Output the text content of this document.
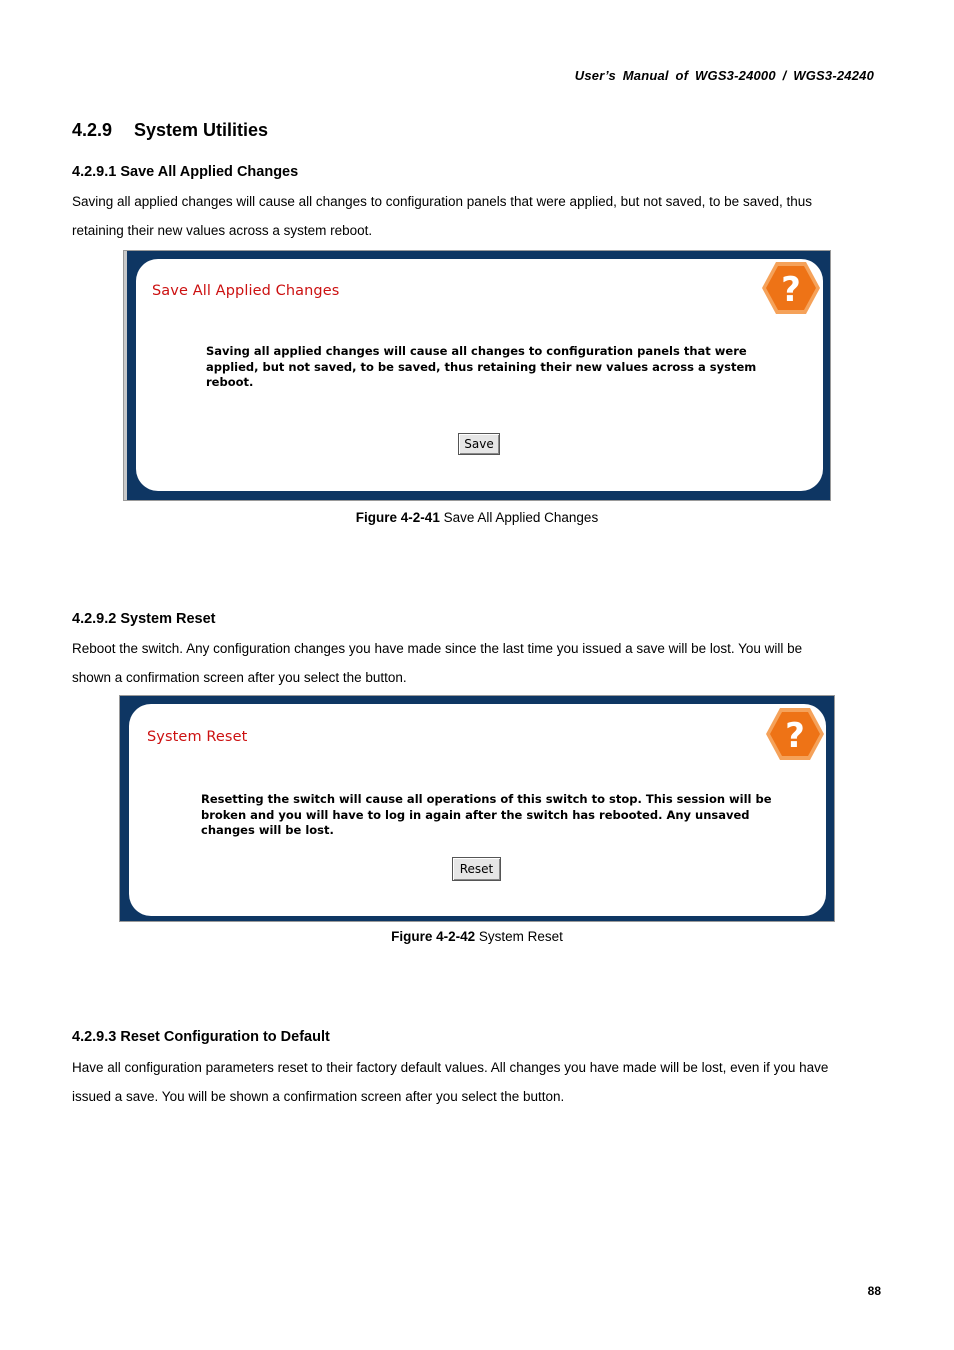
User’s Manual of WGS3-24000 / WGS3-24240
4.2.9 System Utilities
4.2.9.1 Save All Applied Changes
Saving all applied changes will cause all changes to configuration panels that were applied, but not saved, to be saved, thus
retaining their new values across a system reboot.
Save All Applied Changes
Saving all applied changes will cause all changes to configuration panels that were
applied, but not saved, to be saved, thus retaining their new values across a system
reboot.
Save
?
Figure 4-2-41 Save All Applied Changes
4.2.9.2 System Reset
Reboot the switch. Any configuration changes you have made since the last time you issued a save will be lost. You will be
shown a confirmation screen after you select the button.
System Reset
Resetting the switch will cause all operations of this switch to stop. This session will be
broken and you will have to log in again after the switch has rebooted. Any unsaved
changes will be lost.
Reset
?
Figure 4-2-42 System Reset
4.2.9.3 Reset Configuration to Default
Have all configuration parameters reset to their factory default values. All changes you have made will be lost, even if you have
issued a save. You will be shown a confirmation screen after you select the button.
88
